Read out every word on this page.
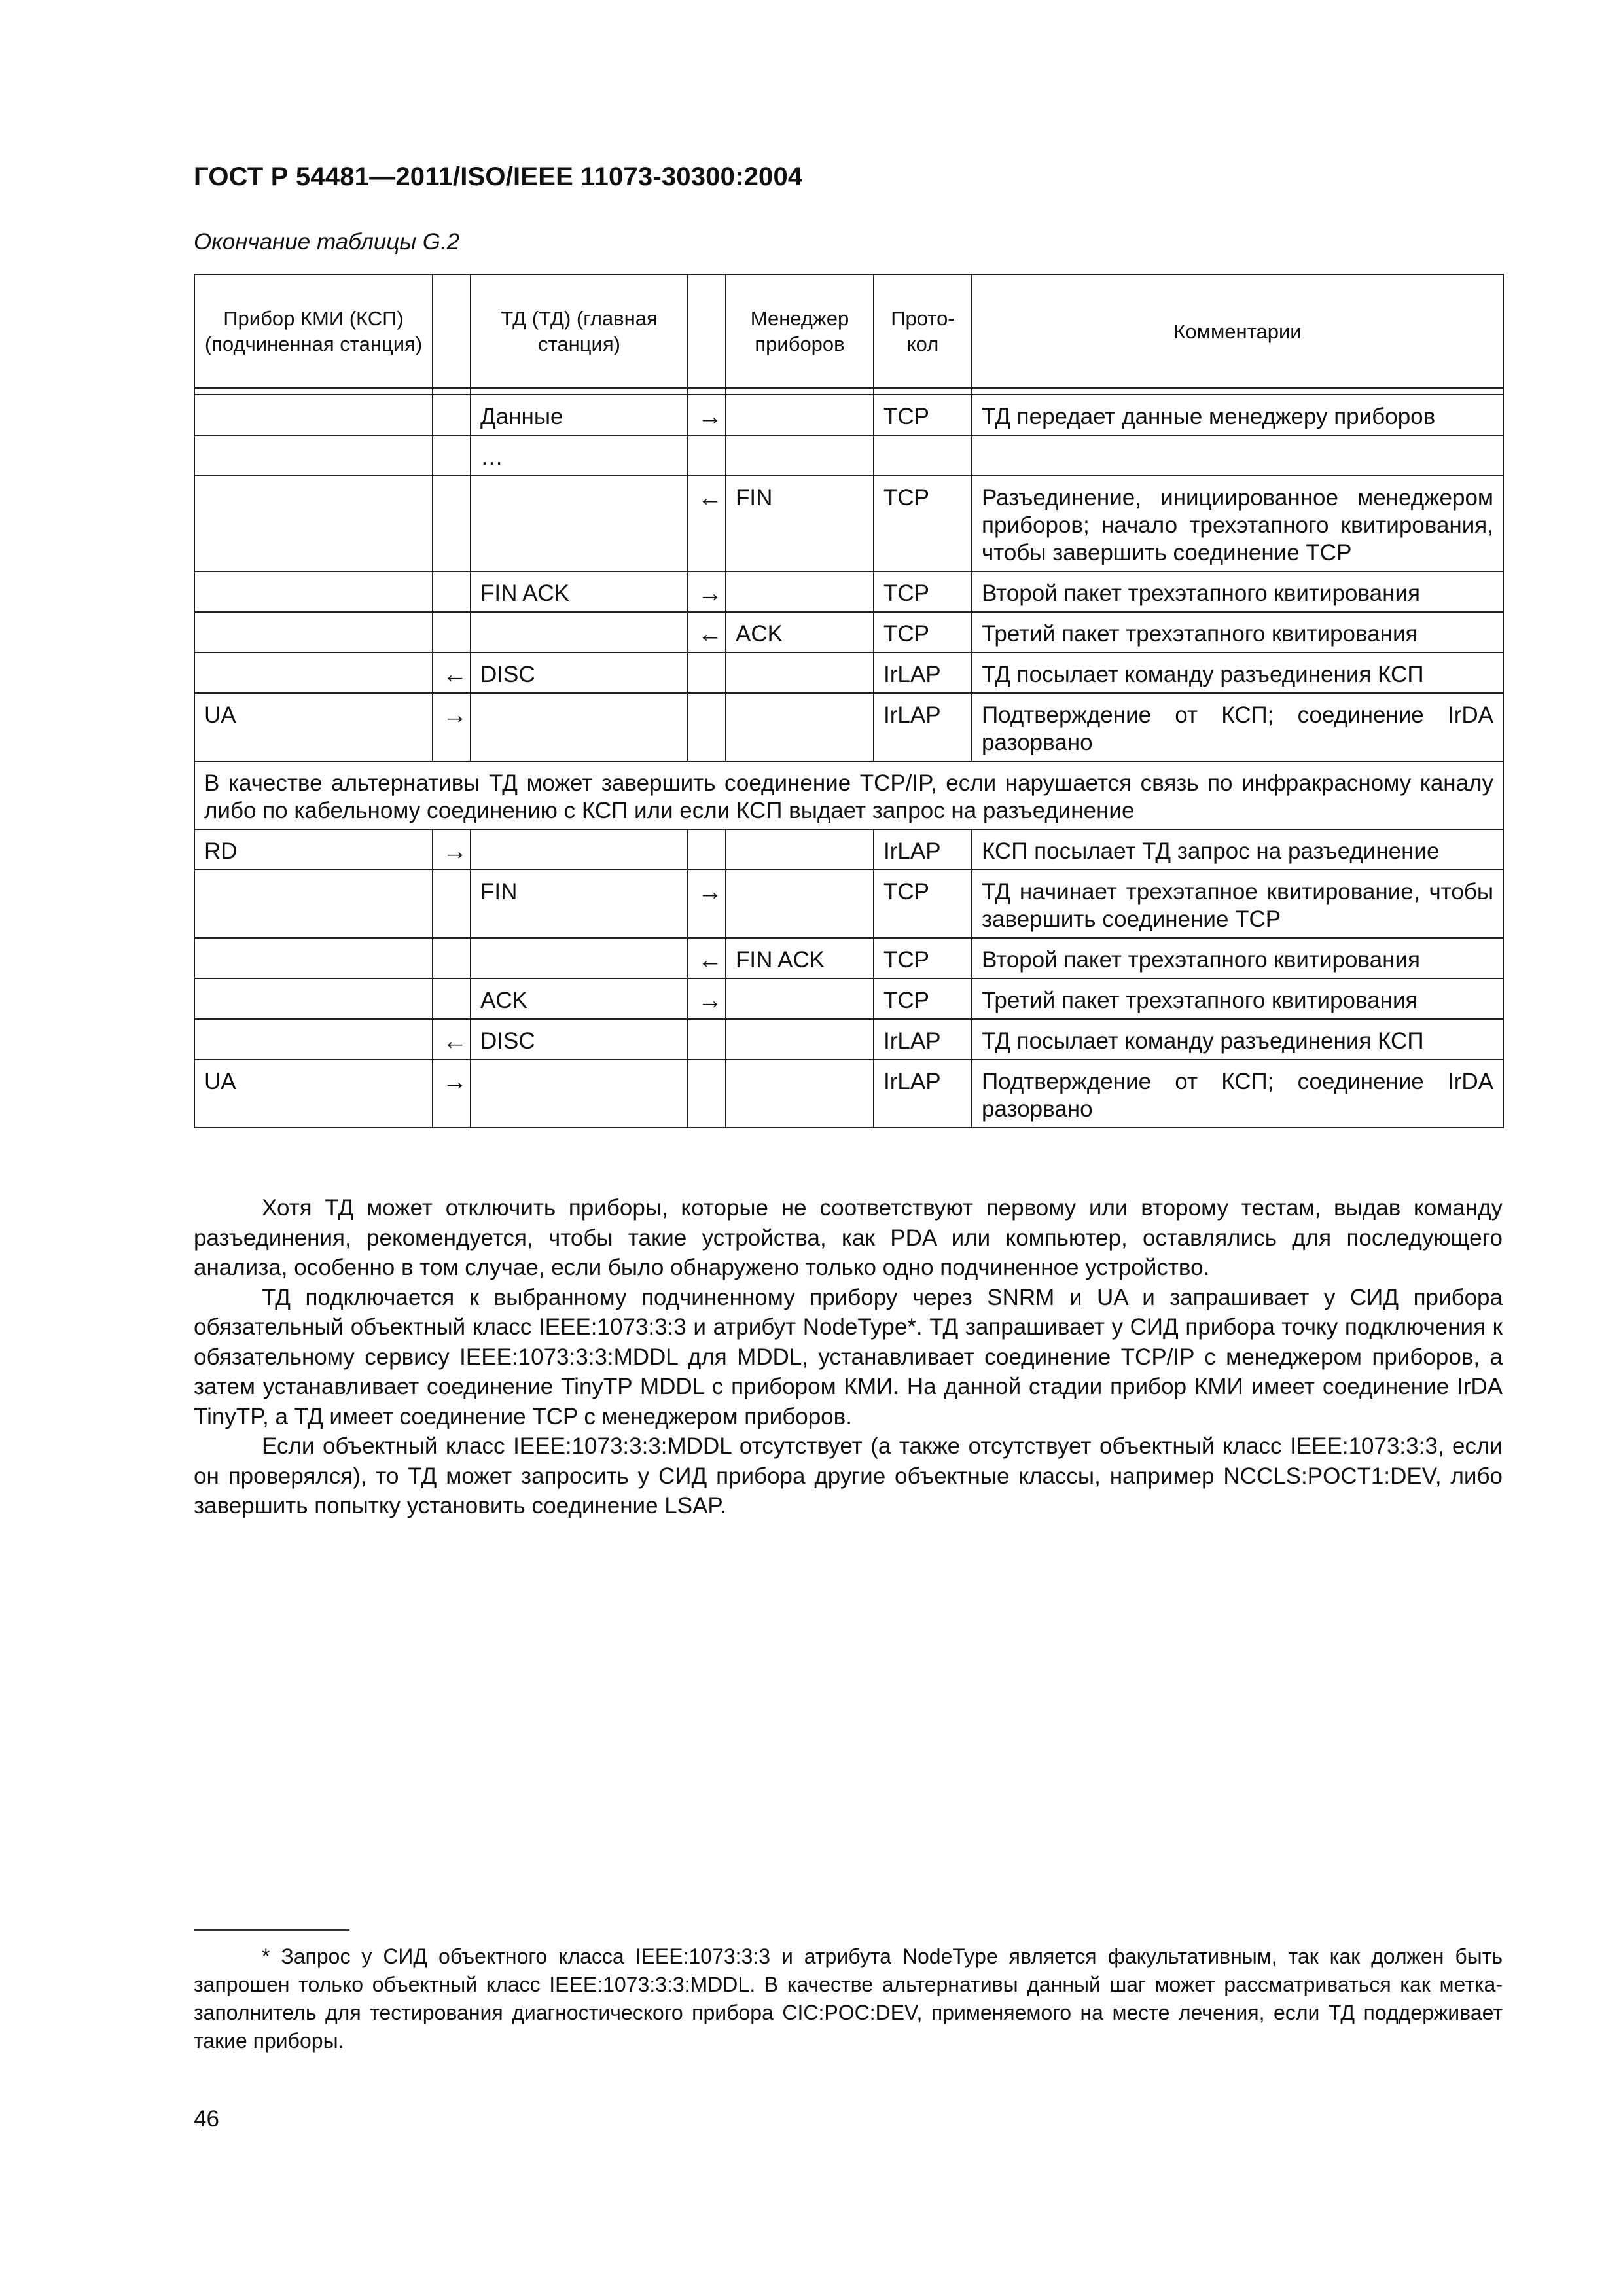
ГОСТ Р 54481—2011/ISO/IEEE 11073-30300:2004
Окончание таблицы G.2
Прибор КМИ (КСП) (подчиненная станция)		ТД (ТД) (главная станция)		Менеджер приборов	Прото-кол	Комментарии

		Данные	→		TCP	ТД передает данные менеджеру приборов
		…				
			←	FIN	TCP	Разъединение, инициированное менеджером приборов; начало трехэтапного квитирования, чтобы завершить соединение TCP
		FIN ACK	→		TCP	Второй пакет трехэтапного квитирования
			←	ACK	TCP	Третий пакет трехэтапного квитирования
	←	DISC			IrLAP	ТД посылает команду разъединения КСП
UA	→				IrLAP	Подтверждение от КСП; соединение IrDA разорвано
В качестве альтернативы ТД может завершить соединение TCP/IP, если нарушается связь по инфракрасному каналу либо по кабельному соединению с КСП или если КСП выдает запрос на разъединение						
RD	→				IrLAP	КСП посылает ТД запрос на разъединение
		FIN	→		TCP	ТД начинает трехэтапное квитирование, чтобы завершить соединение TCP
			←	FIN ACK	TCP	Второй пакет трехэтапного квитирования
		ACK	→		TCP	Третий пакет трехэтапного квитирования
	←	DISC			IrLAP	ТД посылает команду разъединения КСП
UA	→				IrLAP	Подтверждение от КСП; соединение IrDA разорвано

Хотя ТД может отключить приборы, которые не соответствуют первому или второму тестам, выдав команду разъединения, рекомендуется, чтобы такие устройства, как PDA или компьютер, оставлялись для последующего анализа, особенно в том случае, если было обнаружено только одно подчиненное устройство.

ТД подключается к выбранному подчиненному прибору через SNRM и UA и запрашивает у СИД прибора обязательный объектный класс IEEE:1073:3:3 и атрибут NodeType*. ТД запрашивает у СИД прибора точку подключения к обязательному сервису IEEE:1073:3:3:MDDL для MDDL, устанавливает соединение TCP/IP с менеджером приборов, а затем устанавливает соединение TinyTP MDDL с прибором КМИ. На данной стадии прибор КМИ имеет соединение IrDA TinyTP, а ТД имеет соединение TCP с менеджером приборов.

Если объектный класс IEEE:1073:3:3:MDDL отсутствует (а также отсутствует объектный класс IEEE:1073:3:3, если он проверялся), то ТД может запросить у СИД прибора другие объектные классы, например NCCLS:POCT1:DEV, либо завершить попытку установить соединение LSAP.

* Запрос у СИД объектного класса IEEE:1073:3:3 и атрибута NodeType является факультативным, так как должен быть запрошен только объектный класс IEEE:1073:3:3:MDDL. В качестве альтернативы данный шаг может рассматриваться как метка-заполнитель для тестирования диагностического прибора CIC:POC:DEV, применяемого на месте лечения, если ТД поддерживает такие приборы.
46
